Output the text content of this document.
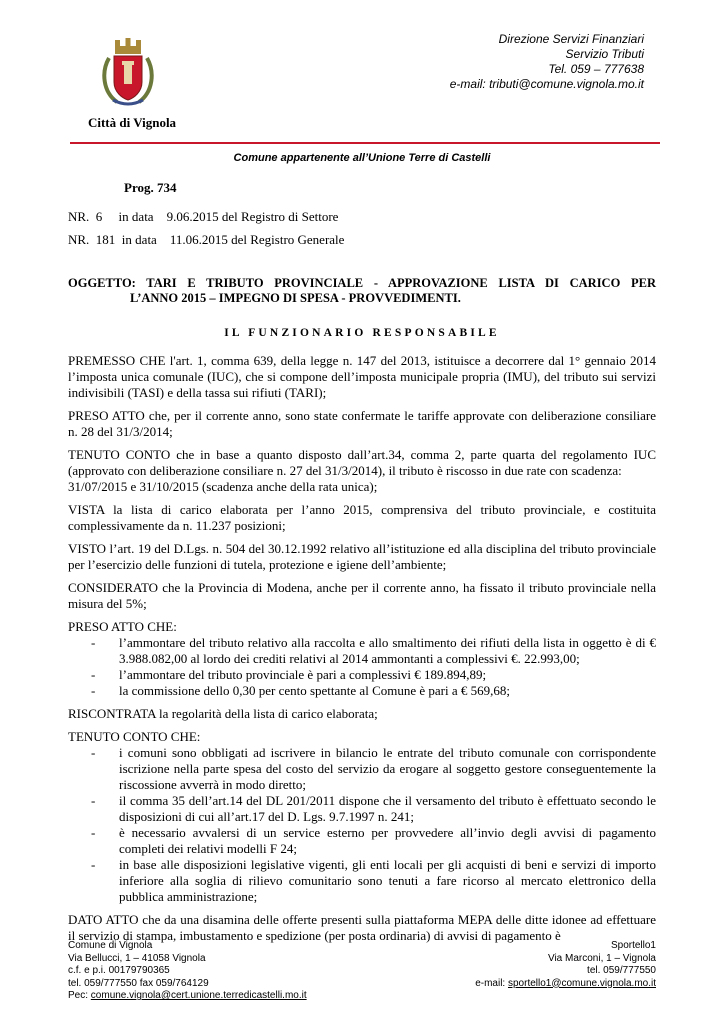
Città di Vignola
Direzione Servizi Finanziari
Servizio Tributi
Tel. 059 – 777638
e-mail: tributi@comune.vignola.mo.it
Comune appartenente all’Unione Terre di Castelli
Prog. 734
NR.  6     in data    9.06.2015 del Registro di Settore
NR.  181  in data    11.06.2015 del Registro Generale
OGGETTO: TARI E TRIBUTO PROVINCIALE - APPROVAZIONE LISTA DI CARICO PER
L’ANNO 2015 – IMPEGNO DI SPESA - PROVVEDIMENTI.
IL FUNZIONARIO RESPONSABILE

PREMESSO CHE l'art. 1, comma 639, della legge n. 147 del 2013, istituisce a decorrere dal 1° gennaio 2014 l’imposta unica comunale (IUC), che si compone dell’imposta municipale propria (IMU), del tributo sui servizi indivisibili (TASI) e della tassa sui rifiuti (TARI);

PRESO ATTO che, per il corrente anno, sono state confermate le tariffe approvate con deliberazione consiliare n. 28 del 31/3/2014;

TENUTO CONTO che in base a quanto disposto dall’art.34, comma 2, parte quarta del regolamento IUC (approvato con deliberazione consiliare n. 27 del 31/3/2014), il tributo è riscosso in due rate con scadenza:
31/07/2015 e 31/10/2015 (scadenza anche della rata unica);

VISTA la lista di carico elaborata per l’anno 2015, comprensiva del tributo provinciale, e costituita complessivamente da n. 11.237 posizioni;

VISTO l’art. 19 del D.Lgs. n. 504 del 30.12.1992 relativo all’istituzione ed alla disciplina del tributo provinciale per l’esercizio delle funzioni di tutela, protezione e igiene dell’ambiente;

CONSIDERATO che la Provincia di Modena, anche per il corrente anno, ha fissato il tributo provinciale nella misura del 5%;

PRESO ATTO CHE:

- l’ammontare del tributo relativo alla raccolta e allo smaltimento dei rifiuti della lista in oggetto è di € 3.988.082,00 al lordo dei crediti relativi al 2014 ammontanti a complessivi €. 22.993,00;
- l’ammontare del tributo provinciale è pari a complessivi € 189.894,89;
- la commissione dello 0,30 per cento spettante al Comune è pari a € 569,68;

RISCONTRATA la regolarità della lista di carico elaborata;

TENUTO CONTO CHE:

- i comuni sono obbligati ad iscrivere in bilancio le entrate del tributo comunale con corrispondente iscrizione nella parte spesa del costo del servizio da erogare al soggetto gestore conseguentemente la riscossione avverrà in modo diretto;
- il comma 35 dell’art.14 del DL 201/2011 dispone che il versamento del tributo è effettuato secondo le disposizioni di cui all’art.17 del D. Lgs. 9.7.1997 n. 241;
- è necessario avvalersi di un service esterno per provvedere all’invio degli avvisi di pagamento completi dei relativi modelli F 24;
- in base alle disposizioni legislative vigenti, gli enti locali per gli acquisti di beni e servizi di importo inferiore alla soglia di rilievo comunitario sono tenuti a fare ricorso al mercato elettronico della pubblica amministrazione;

DATO ATTO che da una disamina delle offerte presenti sulla piattaforma MEPA delle ditte idonee ad effettuare il servizio di stampa, imbustamento e spedizione (per posta ordinaria) di avvisi di pagamento è

Comune di Vignola
Via Bellucci, 1 – 41058 Vignola
c.f. e p.i. 00179790365
tel. 059/777550 fax 059/764129
Pec: comune.vignola@cert.unione.terredicastelli.mo.it
Sportello1
Via Marconi, 1 – Vignola
tel. 059/777550
e-mail: sportello1@comune.vignola.mo.it
